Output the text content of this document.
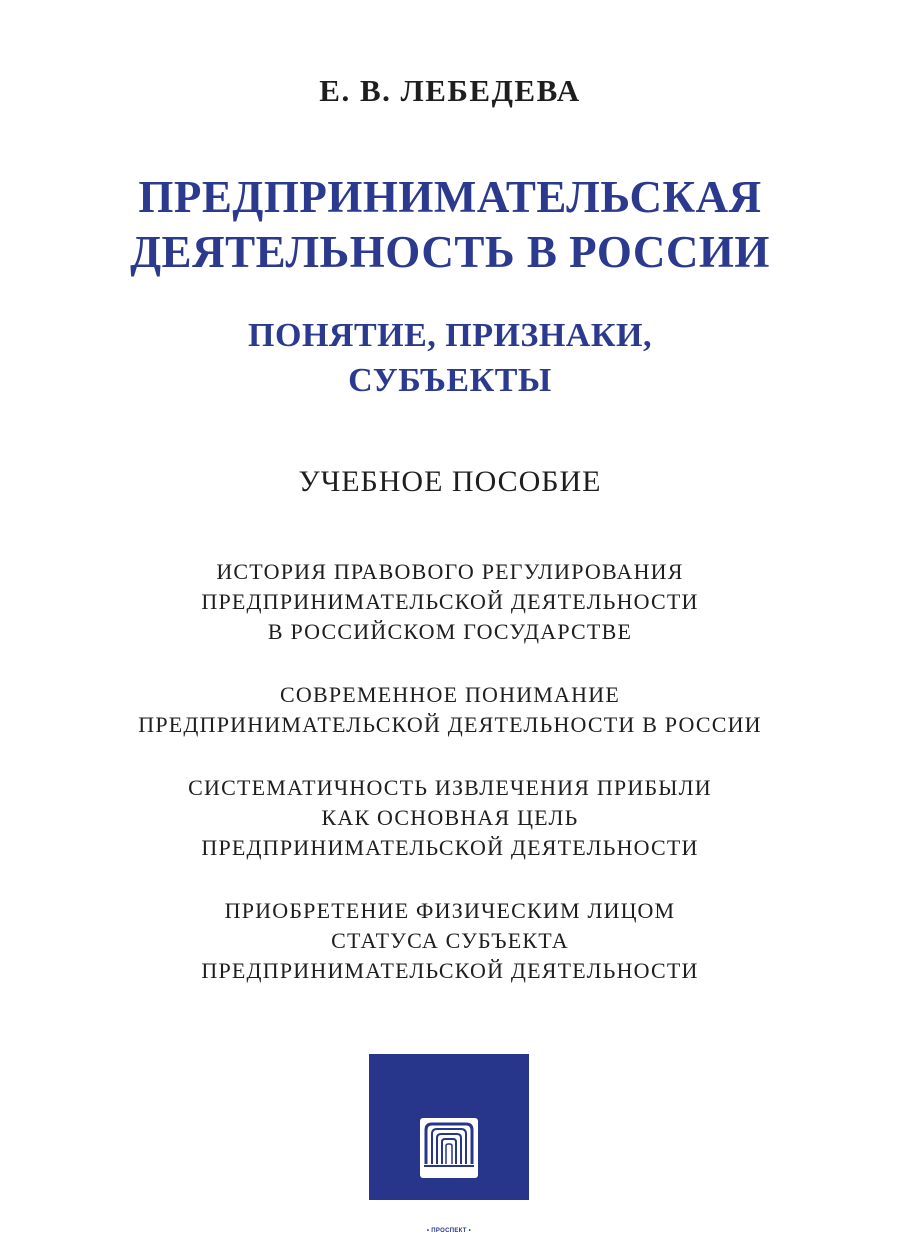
Е. В. ЛЕБЕДЕВА
ПРЕДПРИНИМАТЕЛЬСКАЯ
ДЕЯТЕЛЬНОСТЬ В РОССИИ
ПОНЯТИЕ, ПРИЗНАКИ,
СУБЪЕКТЫ
УЧЕБНОЕ ПОСОБИЕ
ИСТОРИЯ ПРАВОВОГО РЕГУЛИРОВАНИЯ
ПРЕДПРИНИМАТЕЛЬСКОЙ ДЕЯТЕЛЬНОСТИ
В РОССИЙСКОМ ГОСУДАРСТВЕ
СОВРЕМЕННОЕ ПОНИМАНИЕ
ПРЕДПРИНИМАТЕЛЬСКОЙ ДЕЯТЕЛЬНОСТИ В РОССИИ
СИСТЕМАТИЧНОСТЬ ИЗВЛЕЧЕНИЯ ПРИБЫЛИ
КАК ОСНОВНАЯ ЦЕЛЬ
ПРЕДПРИНИМАТЕЛЬСКОЙ ДЕЯТЕЛЬНОСТИ
ПРИОБРЕТЕНИЕ ФИЗИЧЕСКИМ ЛИЦОМ
СТАТУСА СУБЪЕКТА
ПРЕДПРИНИМАТЕЛЬСКОЙ ДЕЯТЕЛЬНОСТИ
• ПРОСПЕКТ •
